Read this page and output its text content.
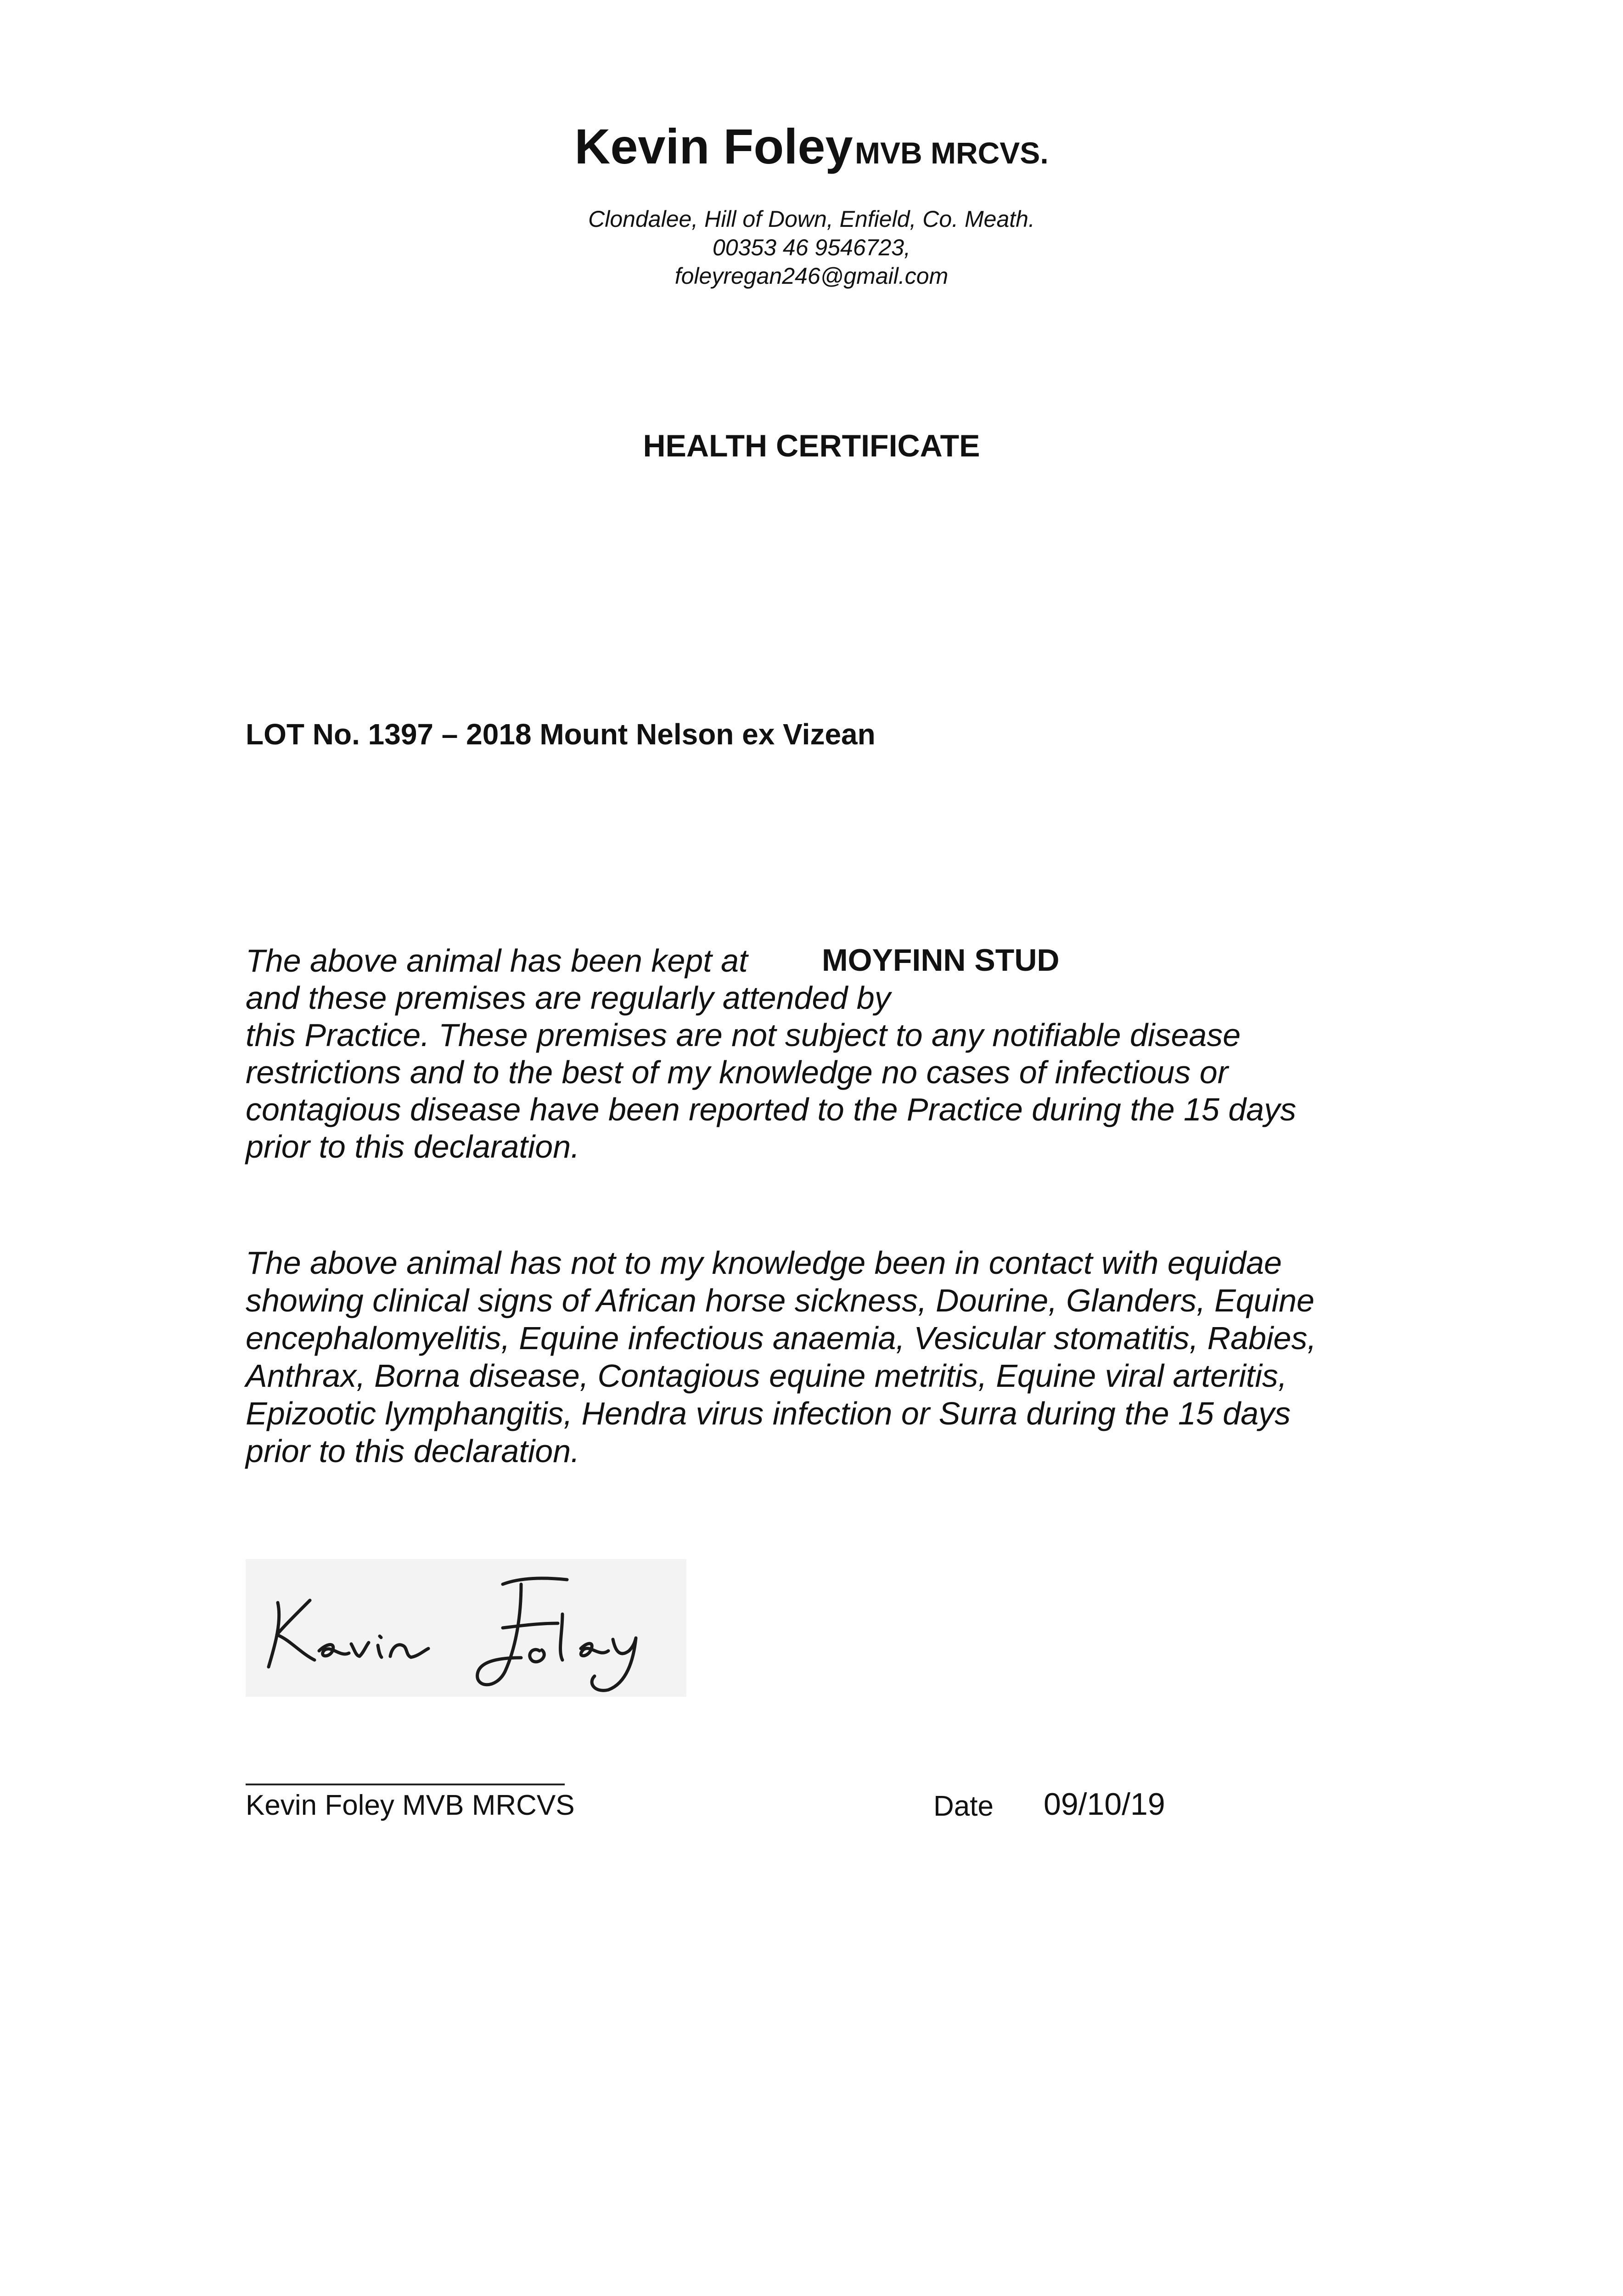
Kevin Foley MVB MRCVS.
Clondalee, Hill of Down, Enfield, Co. Meath.
00353 46 9546723,
foleyregan246@gmail.com
HEALTH CERTIFICATE
LOT No. 1397 – 2018 Mount Nelson ex Vizean
The above animal has been kept at MOYFINN STUD
and these premises are regularly attended by
this Practice. These premises are not subject to any notifiable disease
restrictions and to the best of my knowledge no cases of infectious or
contagious disease have been reported to the Practice during the 15 days
prior to this declaration.
The above animal has not to my knowledge been in contact with equidae
showing clinical signs of African horse sickness, Dourine, Glanders, Equine
encephalomyelitis, Equine infectious anaemia, Vesicular stomatitis, Rabies,
Anthrax, Borna disease, Contagious equine metritis, Equine viral arteritis,
Epizootic lymphangitis, Hendra virus infection or Surra during the 15 days
prior to this declaration.
Kevin Foley MVB MRCVS	Date 09/10/19
